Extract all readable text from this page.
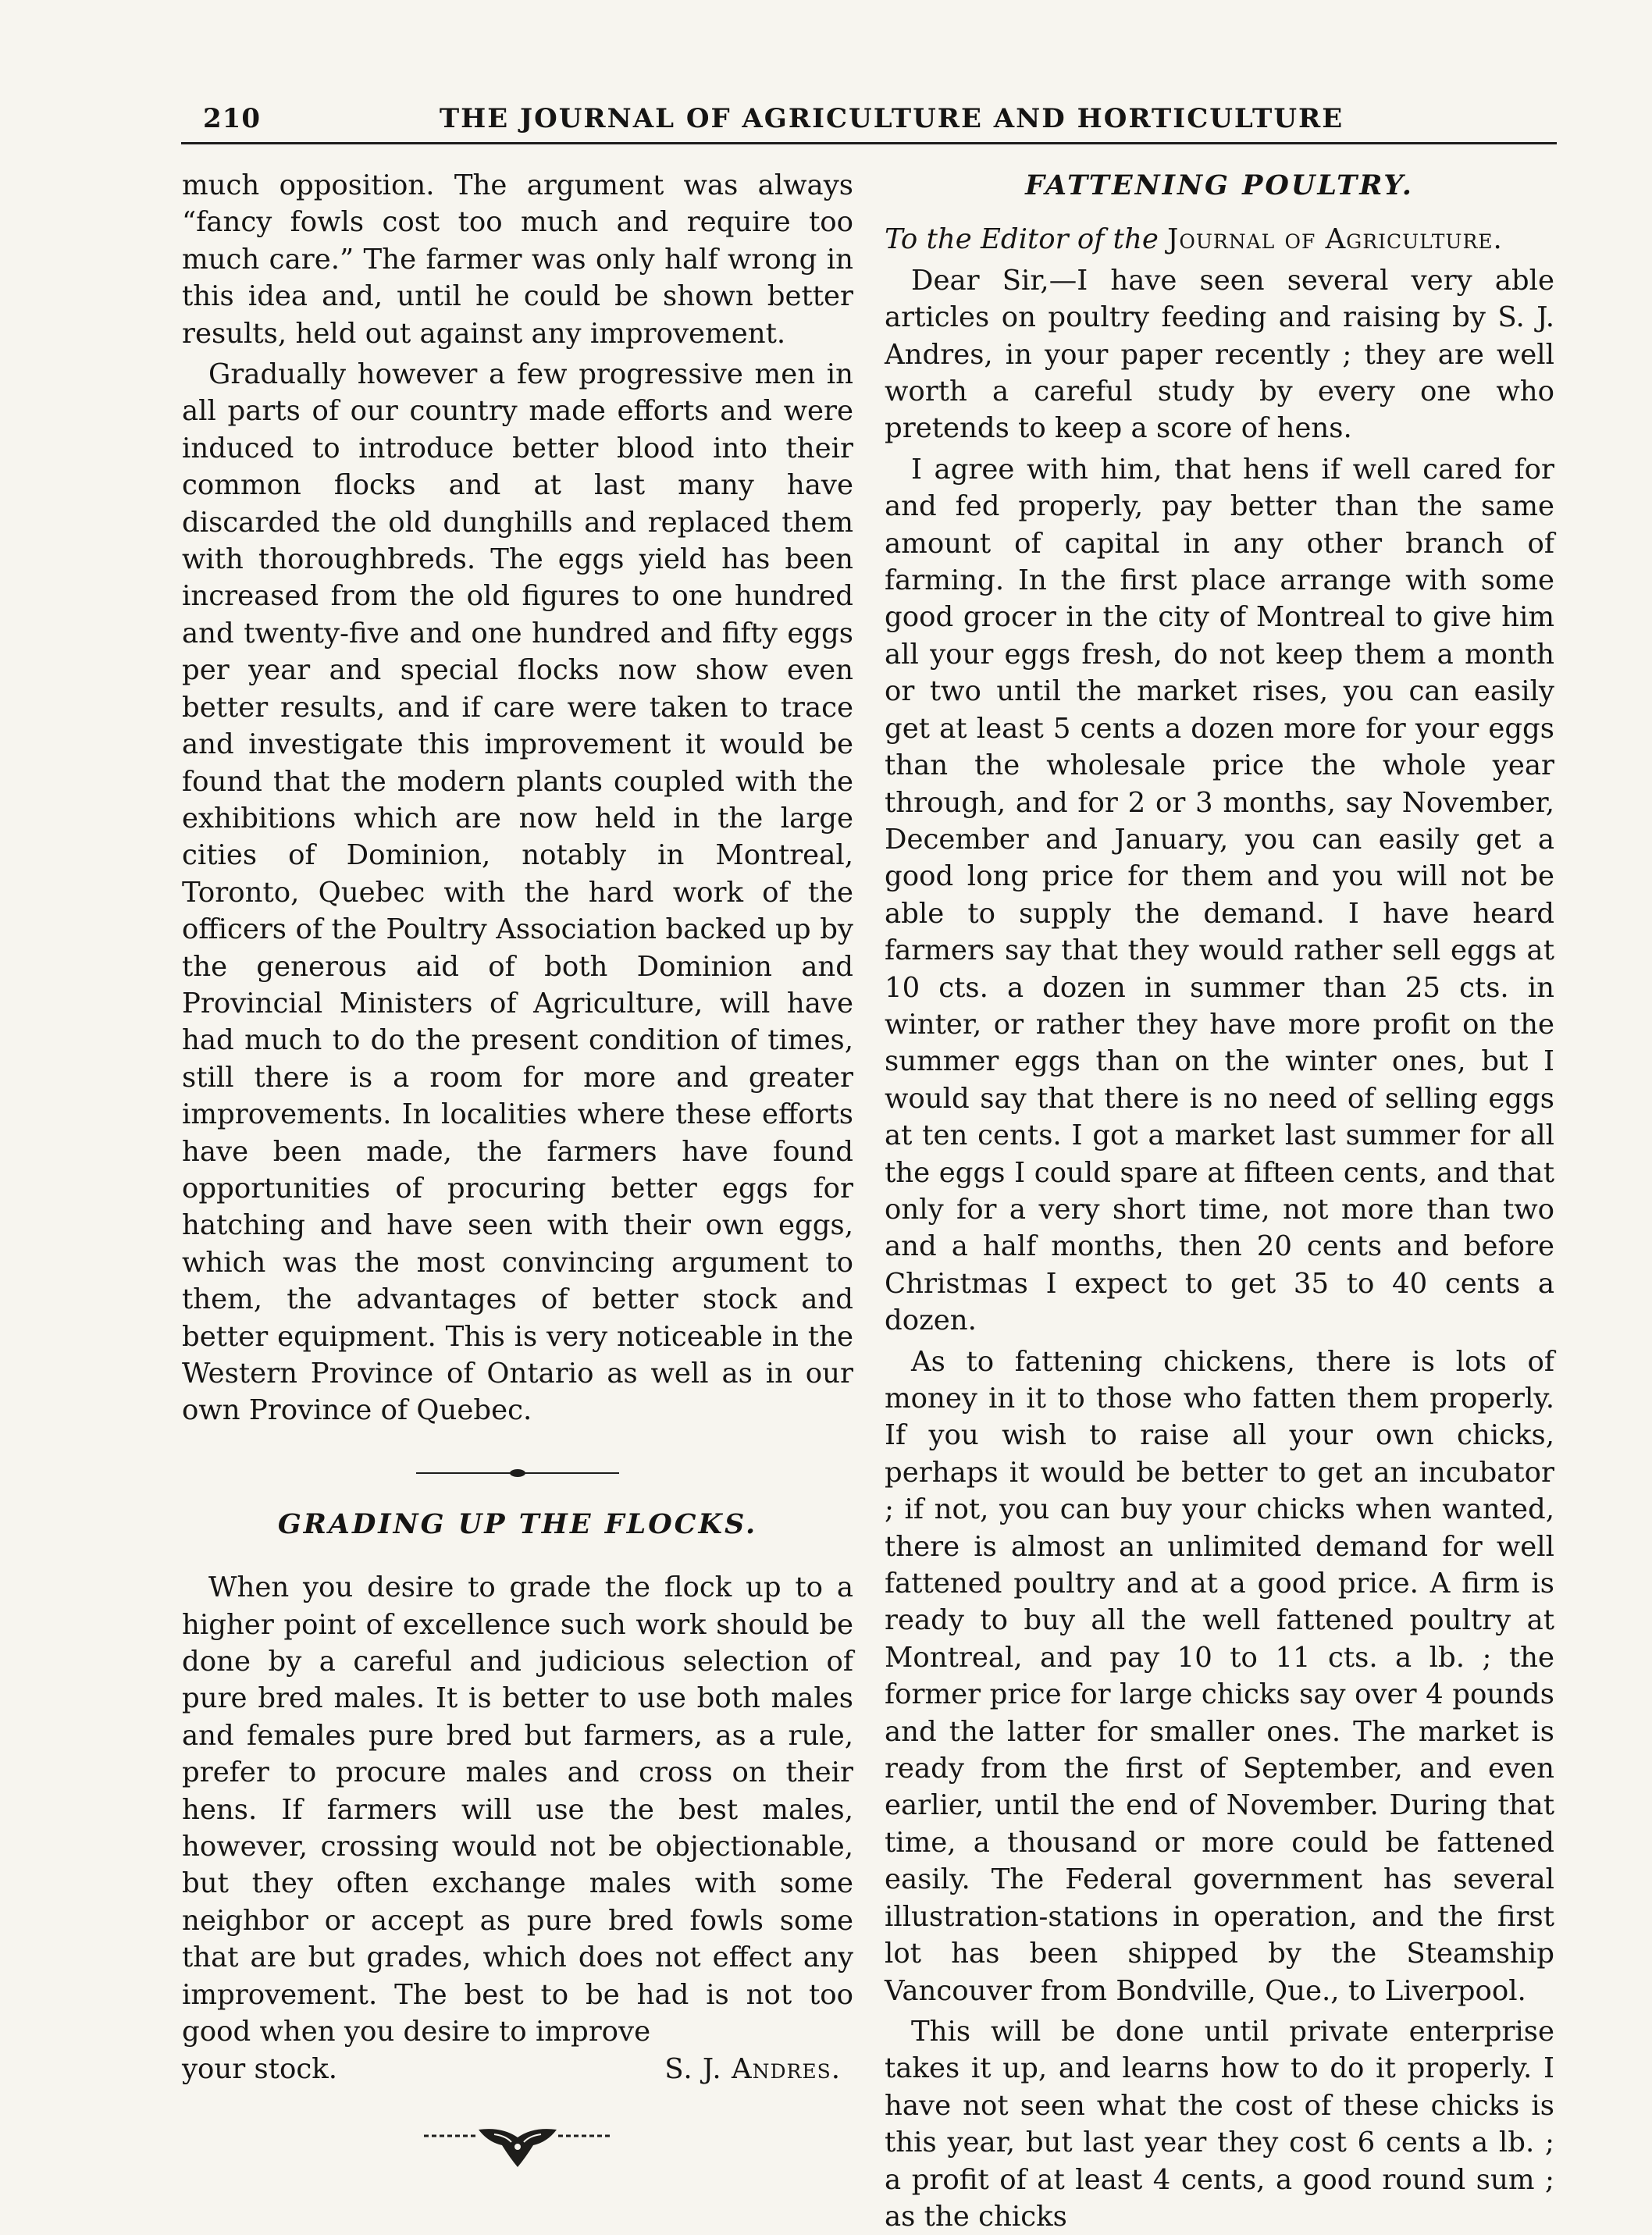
210	THE JOURNAL OF AGRICULTURE AND HORTICULTURE

much opposition. The argument was always “fancy fowls cost too much and require too much care.” The farmer was only half wrong in this idea and, until he could be shown better results, held out against any improvement.

Gradually however a few progressive men in all parts of our country made efforts and were induced to introduce better blood into their common flocks and at last many have discarded the old dunghills and replaced them with thoroughbreds. The eggs yield has been increased from the old figures to one hundred and twenty-five and one hundred and fifty eggs per year and special flocks now show even better results, and if care were taken to trace and investigate this improvement it would be found that the modern plants coupled with the exhibitions which are now held in the large cities of Dominion, notably in Montreal, Toronto, Quebec with the hard work of the officers of the Poultry Association backed up by the generous aid of both Dominion and Provincial Ministers of Agriculture, will have had much to do the present condition of times, still there is a room for more and greater improvements. In localities where these efforts have been made, the farmers have found opportunities of procuring better eggs for hatching and have seen with their own eggs, which was the most convincing argument to them, the advantages of better stock and better equipment. This is very noticeable in the Western Province of Ontario as well as in our own Province of Quebec.

GRADING UP THE FLOCKS.

When you desire to grade the flock up to a higher point of excellence such work should be done by a careful and judicious selection of pure bred males. It is better to use both males and females pure bred but farmers, as a rule, prefer to procure males and cross on their hens. If farmers will use the best males, however, crossing would not be objectionable, but they often exchange males with some neighbor or accept as pure bred fowls some that are but grades, which does not effect any improvement. The best to be had is not too good when you desire to improve

your stock.	S. J. Andres.
FATTENING POULTRY.

To the Editor of the Journal of Agriculture.

Dear Sir,—I have seen several very able articles on poultry feeding and raising by S. J. Andres, in your paper recently ; they are well worth a careful study by every one who pretends to keep a score of hens.

I agree with him, that hens if well cared for and fed properly, pay better than the same amount of capital in any other branch of farming. In the first place arrange with some good grocer in the city of Montreal to give him all your eggs fresh, do not keep them a month or two until the market rises, you can easily get at least 5 cents a dozen more for your eggs than the wholesale price the whole year through, and for 2 or 3 months, say November, December and January, you can easily get a good long price for them and you will not be able to supply the demand. I have heard farmers say that they would rather sell eggs at 10 cts. a dozen in summer than 25 cts. in winter, or rather they have more profit on the summer eggs than on the winter ones, but I would say that there is no need of selling eggs at ten cents. I got a market last summer for all the eggs I could spare at fifteen cents, and that only for a very short time, not more than two and a half months, then 20 cents and before Christmas I expect to get 35 to 40 cents a dozen.

As to fattening chickens, there is lots of money in it to those who fatten them properly. If you wish to raise all your own chicks, perhaps it would be better to get an incubator ; if not, you can buy your chicks when wanted, there is almost an unlimited demand for well fattened poultry and at a good price. A firm is ready to buy all the well fattened poultry at Montreal, and pay 10 to 11 cts. a lb. ; the former price for large chicks say over 4 pounds and the latter for smaller ones. The market is ready from the first of September, and even earlier, until the end of November. During that time, a thousand or more could be fattened easily. The Federal government has several illustration-stations in operation, and the first lot has been shipped by the Steamship Vancouver from Bondville, Que., to Liverpool.

This will be done until private enterprise takes it up, and learns how to do it properly. I have not seen what the cost of these chicks is this year, but last year they cost 6 cents a lb. ; a profit of at least 4 cents, a good round sum ; as the chicks
